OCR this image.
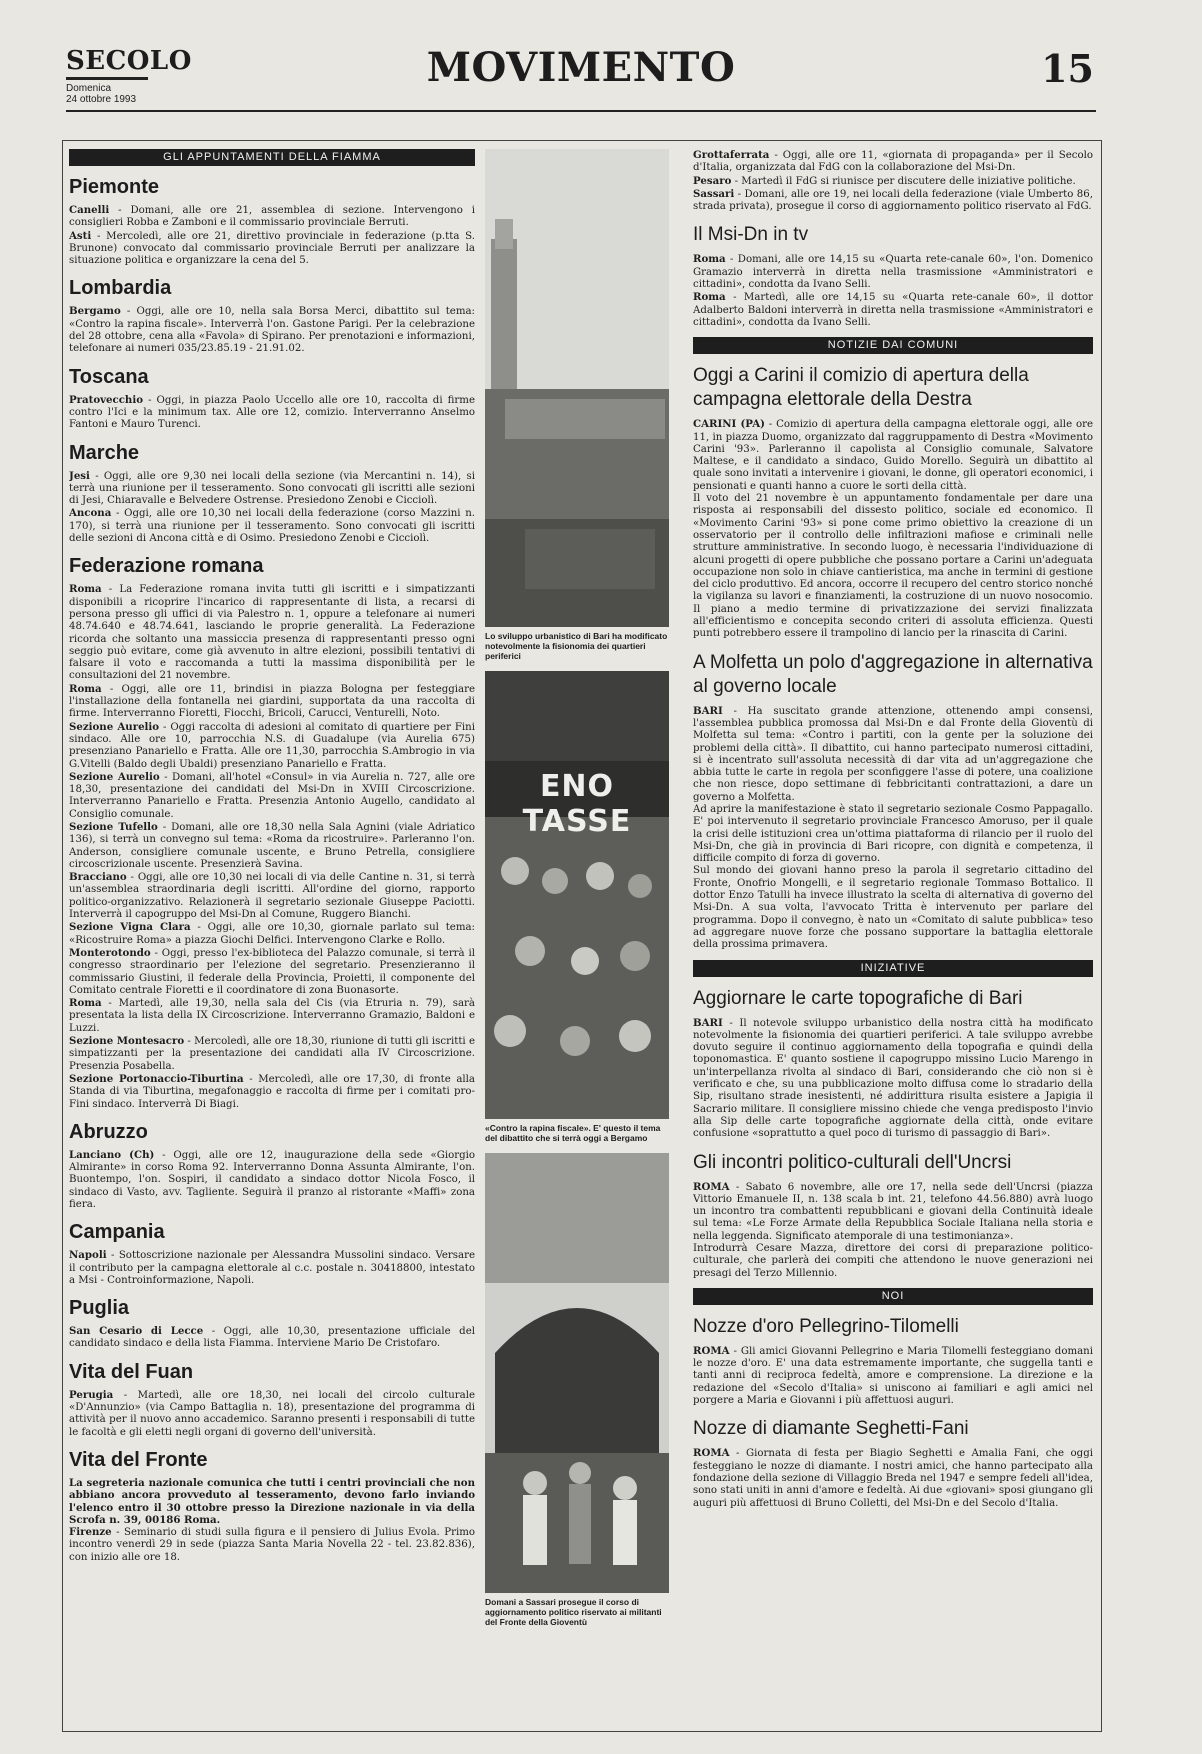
SECOLO
Domenica
24 ottobre 1993
MOVIMENTO	15
GLI APPUNTAMENTI DELLA FIAMMA
Piemonte

Canelli - Domani, alle ore 21, assemblea di sezione. Intervengono i consiglieri Robba e Zamboni e il commissario provinciale Berruti.

Asti - Mercoledì, alle ore 21, direttivo provinciale in federazione (p.tta S. Brunone) convocato dal commissario provinciale Berruti per analizzare la situazione politica e organizzare la cena del 5.

Lombardia

Bergamo - Oggi, alle ore 10, nella sala Borsa Merci, dibattito sul tema: «Contro la rapina fiscale». Interverrà l'on. Gastone Parigi. Per la celebrazione del 28 ottobre, cena alla «Favola» di Spirano. Per prenotazioni e informazioni, telefonare ai numeri 035/23.85.19 - 21.91.02.

Toscana

Pratovecchio - Oggi, in piazza Paolo Uccello alle ore 10, raccolta di firme contro l'Ici e la minimum tax. Alle ore 12, comizio. Interverranno Anselmo Fantoni e Mauro Turenci.

Marche

Jesi - Oggi, alle ore 9,30 nei locali della sezione (via Mercantini n. 14), si terrà una riunione per il tesseramento. Sono convocati gli iscritti alle sezioni di Jesi, Chiaravalle e Belvedere Ostrense. Presiedono Zenobi e Cicciolì.

Ancona - Oggi, alle ore 10,30 nei locali della federazione (corso Mazzini n. 170), si terrà una riunione per il tesseramento. Sono convocati gli iscritti delle sezioni di Ancona città e di Osimo. Presiedono Zenobi e Cicciolì.

Federazione romana

Roma - La Federazione romana invita tutti gli iscritti e i simpatizzanti disponibili a ricoprire l'incarico di rappresentante di lista, a recarsi di persona presso gli uffici di via Palestro n. 1, oppure a telefonare ai numeri 48.74.640 e 48.74.641, lasciando le proprie generalità. La Federazione ricorda che soltanto una massiccia presenza di rappresentanti presso ogni seggio può evitare, come già avvenuto in altre elezioni, possibili tentativi di falsare il voto e raccomanda a tutti la massima disponibilità per le consultazioni del 21 novembre.

Roma - Oggi, alle ore 11, brindisi in piazza Bologna per festeggiare l'installazione della fontanella nei giardini, supportata da una raccolta di firme. Interverranno Fioretti, Fiocchi, Bricoli, Carucci, Venturelli, Noto.

Sezione Aurelio - Oggi raccolta di adesioni al comitato di quartiere per Fini sindaco. Alle ore 10, parrocchia N.S. di Guadalupe (via Aurelia 675) presenziano Panariello e Fratta. Alle ore 11,30, parrocchia S.Ambrogio in via G.Vitelli (Baldo degli Ubaldi) presenziano Panariello e Fratta.

Sezione Aurelio - Domani, all'hotel «Consul» in via Aurelia n. 727, alle ore 18,30, presentazione dei candidati del Msi-Dn in XVIII Circoscrizione. Interverranno Panariello e Fratta. Presenzia Antonio Augello, candidato al Consiglio comunale.

Sezione Tufello - Domani, alle ore 18,30 nella Sala Agnini (viale Adriatico 136), si terrà un convegno sul tema: «Roma da ricostruire». Parleranno l'on. Anderson, consigliere comunale uscente, e Bruno Petrella, consigliere circoscrizionale uscente. Presenzierà Savina.

Bracciano - Oggi, alle ore 10,30 nei locali di via delle Cantine n. 31, si terrà un'assemblea straordinaria degli iscritti. All'ordine del giorno, rapporto politico-organizzativo. Relazionerà il segretario sezionale Giuseppe Paciotti. Interverrà il capogruppo del Msi-Dn al Comune, Ruggero Bianchi.

Sezione Vigna Clara - Oggi, alle ore 10,30, giornale parlato sul tema: «Ricostruire Roma» a piazza Giochi Delfici. Intervengono Clarke e Rollo.

Monterotondo - Oggi, presso l'ex-biblioteca del Palazzo comunale, si terrà il congresso straordinario per l'elezione del segretario. Presenzieranno il commissario Giustini, il federale della Provincia, Proietti, il componente del Comitato centrale Fioretti e il coordinatore di zona Buonasorte.

Roma - Martedì, alle 19,30, nella sala del Cis (via Etruria n. 79), sarà presentata la lista della IX Circoscrizione. Interverranno Gramazio, Baldoni e Luzzi.

Sezione Montesacro - Mercoledì, alle ore 18,30, riunione di tutti gli iscritti e simpatizzanti per la presentazione dei candidati alla IV Circoscrizione. Presenzia Posabella.

Sezione Portonaccio-Tiburtina - Mercoledì, alle ore 17,30, di fronte alla Standa di via Tiburtina, megafonaggio e raccolta di firme per i comitati pro-Fini sindaco. Interverrà Di Biagi.

Abruzzo

Lanciano (Ch) - Oggi, alle ore 12, inaugurazione della sede «Giorgio Almirante» in corso Roma 92. Interverranno Donna Assunta Almirante, l'on. Buontempo, l'on. Sospiri, il candidato a sindaco dottor Nicola Fosco, il sindaco di Vasto, avv. Tagliente. Seguirà il pranzo al ristorante «Maffi» zona fiera.

Campania

Napoli - Sottoscrizione nazionale per Alessandra Mussolini sindaco. Versare il contributo per la campagna elettorale al c.c. postale n. 30418800, intestato a Msi - Controinformazione, Napoli.

Puglia

San Cesario di Lecce - Oggi, alle 10,30, presentazione ufficiale del candidato sindaco e della lista Fiamma. Interviene Mario De Cristofaro.

Vita del Fuan

Perugia - Martedì, alle ore 18,30, nei locali del circolo culturale «D'Annunzio» (via Campo Battaglia n. 18), presentazione del programma di attività per il nuovo anno accademico. Saranno presenti i responsabili di tutte le facoltà e gli eletti negli organi di governo dell'università.

Vita del Fronte

La segreteria nazionale comunica che tutti i centri provinciali che non abbiano ancora provveduto al tesseramento, devono farlo inviando l'elenco entro il 30 ottobre presso la Direzione nazionale in via della Scrofa n. 39, 00186 Roma.

Firenze - Seminario di studi sulla figura e il pensiero di Julius Evola. Primo incontro venerdì 29 in sede (piazza Santa Maria Novella 22 - tel. 23.82.836), con inizio alle ore 18.

Lo sviluppo urbanistico di Bari ha modificato notevolmente la fisionomia dei quartieri periferici
ENO TASSE
«Contro la rapina fiscale». E' questo il tema del dibattito che si terrà oggi a Bergamo
Domani a Sassari prosegue il corso di aggiornamento politico riservato ai militanti del Fronte della Gioventù

Grottaferrata - Oggi, alle ore 11, «giornata di propaganda» per il Secolo d'Italia, organizzata dal FdG con la collaborazione del Msi-Dn.

Pesaro - Martedì il FdG si riunisce per discutere delle iniziative politiche.

Sassari - Domani, alle ore 19, nei locali della federazione (viale Umberto 86, strada privata), prosegue il corso di aggiornamento politico riservato al FdG.

Il Msi-Dn in tv

Roma - Domani, alle ore 14,15 su «Quarta rete-canale 60», l'on. Domenico Gramazio interverrà in diretta nella trasmissione «Amministratori e cittadini», condotta da Ivano Selli.

Roma - Martedì, alle ore 14,15 su «Quarta rete-canale 60», il dottor Adalberto Baldoni interverrà in diretta nella trasmissione «Amministratori e cittadini», condotta da Ivano Selli.

NOTIZIE DAI COMUNI
Oggi a Carini il comizio di apertura della campagna elettorale della Destra

CARINI (PA) - Comizio di apertura della campagna elettorale oggi, alle ore 11, in piazza Duomo, organizzato dal raggruppamento di Destra «Movimento Carini '93». Parleranno il capolista al Consiglio comunale, Salvatore Maltese, e il candidato a sindaco, Guido Morello. Seguirà un dibattito al quale sono invitati a intervenire i giovani, le donne, gli operatori economici, i pensionati e quanti hanno a cuore le sorti della città.

Il voto del 21 novembre è un appuntamento fondamentale per dare una risposta ai responsabili del dissesto politico, sociale ed economico. Il «Movimento Carini '93» si pone come primo obiettivo la creazione di un osservatorio per il controllo delle infiltrazioni mafiose e criminali nelle strutture amministrative. In secondo luogo, è necessaria l'individuazione di alcuni progetti di opere pubbliche che possano portare a Carini un'adeguata occupazione non solo in chiave cantieristica, ma anche in termini di gestione del ciclo produttivo. Ed ancora, occorre il recupero del centro storico nonché la vigilanza su lavori e finanziamenti, la costruzione di un nuovo nosocomio. Il piano a medio termine di privatizzazione dei servizi finalizzata all'efficientismo e concepita secondo criteri di assoluta efficienza. Questi punti potrebbero essere il trampolino di lancio per la rinascita di Carini.

A Molfetta un polo d'aggregazione in alternativa al governo locale

BARI - Ha suscitato grande attenzione, ottenendo ampi consensi, l'assemblea pubblica promossa dal Msi-Dn e dal Fronte della Gioventù di Molfetta sul tema: «Contro i partiti, con la gente per la soluzione dei problemi della città». Il dibattito, cui hanno partecipato numerosi cittadini, si è incentrato sull'assoluta necessità di dar vita ad un'aggregazione che abbia tutte le carte in regola per sconfiggere l'asse di potere, una coalizione che non riesce, dopo settimane di febbricitanti contrattazioni, a dare un governo a Molfetta.

Ad aprire la manifestazione è stato il segretario sezionale Cosmo Pappagallo. E' poi intervenuto il segretario provinciale Francesco Amoruso, per il quale la crisi delle istituzioni crea un'ottima piattaforma di rilancio per il ruolo del Msi-Dn, che già in provincia di Bari ricopre, con dignità e competenza, il difficile compito di forza di governo.

Sul mondo dei giovani hanno preso la parola il segretario cittadino del Fronte, Onofrio Mongelli, e il segretario regionale Tommaso Bottalico. Il dottor Enzo Tatulli ha invece illustrato la scelta di alternativa di governo del Msi-Dn. A sua volta, l'avvocato Tritta è intervenuto per parlare del programma. Dopo il convegno, è nato un «Comitato di salute pubblica» teso ad aggregare nuove forze che possano supportare la battaglia elettorale della prossima primavera.

INIZIATIVE
Aggiornare le carte topografiche di Bari

BARI - Il notevole sviluppo urbanistico della nostra città ha modificato notevolmente la fisionomia dei quartieri periferici. A tale sviluppo avrebbe dovuto seguire il continuo aggiornamento della topografia e quindi della toponomastica. E' quanto sostiene il capogruppo missino Lucio Marengo in un'interpellanza rivolta al sindaco di Bari, considerando che ciò non si è verificato e che, su una pubblicazione molto diffusa come lo stradario della Sip, risultano strade inesistenti, né addirittura risulta esistere a Japigia il Sacrario militare. Il consigliere missino chiede che venga predisposto l'invio alla Sip delle carte topografiche aggiornate della città, onde evitare confusione «soprattutto a quel poco di turismo di passaggio di Bari».

Gli incontri politico-culturali dell'Uncrsi

ROMA - Sabato 6 novembre, alle ore 17, nella sede dell'Uncrsi (piazza Vittorio Emanuele II, n. 138 scala b int. 21, telefono 44.56.880) avrà luogo un incontro tra combattenti repubblicani e giovani della Continuità ideale sul tema: «Le Forze Armate della Repubblica Sociale Italiana nella storia e nella leggenda. Significato atemporale di una testimonianza».

Introdurrà Cesare Mazza, direttore dei corsi di preparazione politico-culturale, che parlerà dei compiti che attendono le nuove generazioni nei presagi del Terzo Millennio.

NOI
Nozze d'oro Pellegrino-Tilomelli

ROMA - Gli amici Giovanni Pellegrino e Maria Tilomelli festeggiano domani le nozze d'oro. E' una data estremamente importante, che suggella tanti e tanti anni di reciproca fedeltà, amore e comprensione. La direzione e la redazione del «Secolo d'Italia» si uniscono ai familiari e agli amici nel porgere a Maria e Giovanni i più affettuosi auguri.

Nozze di diamante Seghetti-Fani

ROMA - Giornata di festa per Biagio Seghetti e Amalia Fani, che oggi festeggiano le nozze di diamante. I nostri amici, che hanno partecipato alla fondazione della sezione di Villaggio Breda nel 1947 e sempre fedeli all'idea, sono stati uniti in anni d'amore e fedeltà. Ai due «giovani» sposi giungano gli auguri più affettuosi di Bruno Colletti, del Msi-Dn e del Secolo d'Italia.
